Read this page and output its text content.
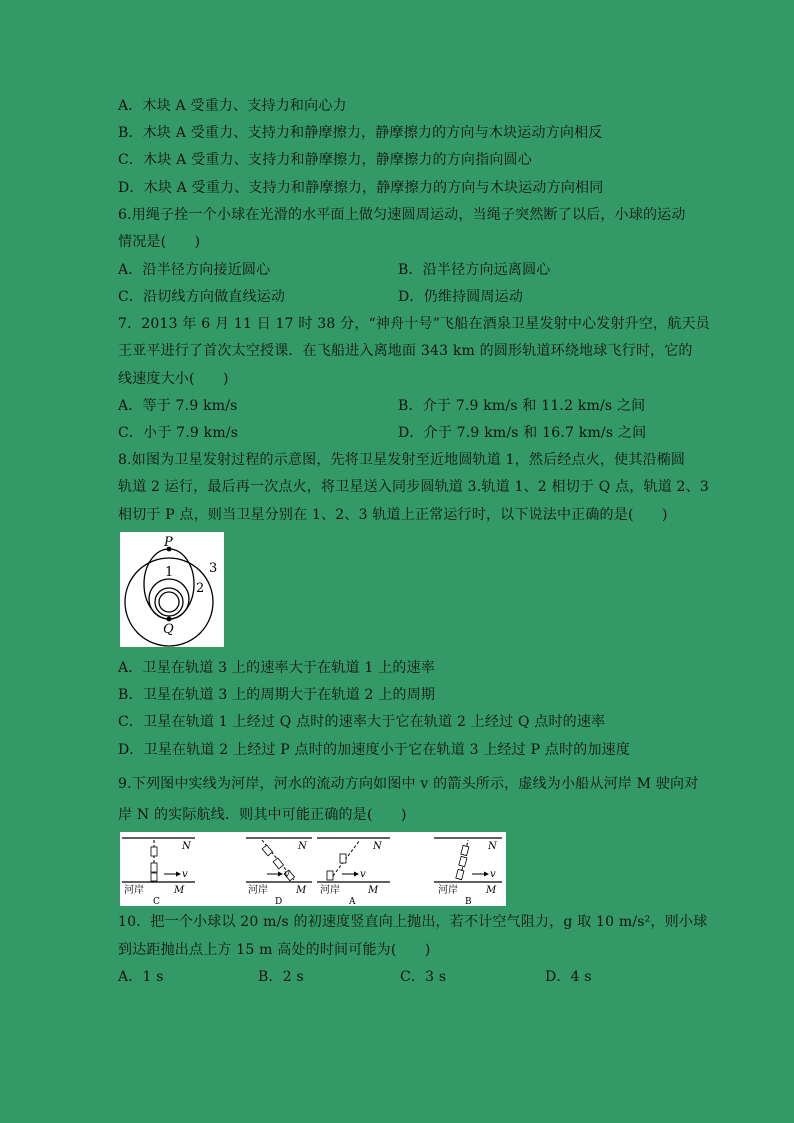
A．木块 A 受重力、支持力和向心力
B．木块 A 受重力、支持力和静摩擦力，静摩擦力的方向与木块运动方向相反
C．木块 A 受重力、支持力和静摩擦力，静摩擦力的方向指向圆心
D．木块 A 受重力、支持力和静摩擦力，静摩擦力的方向与木块运动方向相同
6.用绳子拴一个小球在光滑的水平面上做匀速圆周运动，当绳子突然断了以后，小球的运动
情况是(　　)
A．沿半径方向接近圆心	B．沿半径方向远离圆心
C．沿切线方向做直线运动	D．仍维持圆周运动
7．2013 年 6 月 11 日 17 时 38 分，“神舟十号”飞船在酒泉卫星发射中心发射升空，航天员
王亚平进行了首次太空授课．在飞船进入离地面 343 km 的圆形轨道环绕地球飞行时，它的
线速度大小(　　)
A．等于 7.9 km/s	B．介于 7.9 km/s 和 11.2 km/s 之间
C．小于 7.9 km/s	D．介于 7.9 km/s 和 16.7 km/s 之间
8.如图为卫星发射过程的示意图，先将卫星发射至近地圆轨道 1，然后经点火，使其沿椭圆
轨道 2 运行，最后再一次点火，将卫星送入同步圆轨道 3.轨道 1、2 相切于 Q 点，轨道 2、3
相切于 P 点，则当卫星分别在 1、2、3 轨道上正常运行时，以下说法中正确的是(　　)
P
Q
1
2
3
A．卫星在轨道 3 上的速率大于在轨道 1 上的速率
B．卫星在轨道 3 上的周期大于在轨道 2 上的周期
C．卫星在轨道 1 上经过 Q 点时的速率大于它在轨道 2 上经过 Q 点时的速率
D．卫星在轨道 2 上经过 P 点时的加速度小于它在轨道 3 上经过 P 点时的加速度
9.下列图中实线为河岸，河水的流动方向如图中 v 的箭头所示，虚线为小船从河岸 M 驶向对
岸 N 的实际航线．则其中可能正确的是(　　)
N
v
河岸	M
C
N
v
河岸	M
D
N
v
河岸	M
A
N
v
河岸	M
B
10．把一个小球以 20 m/s 的初速度竖直向上抛出，若不计空气阻力，g 取 10 m/s²，则小球
到达距抛出点上方 15 m 高处的时间可能为(　　)
A．1 s	B．2 s	C．3 s	D．4 s
